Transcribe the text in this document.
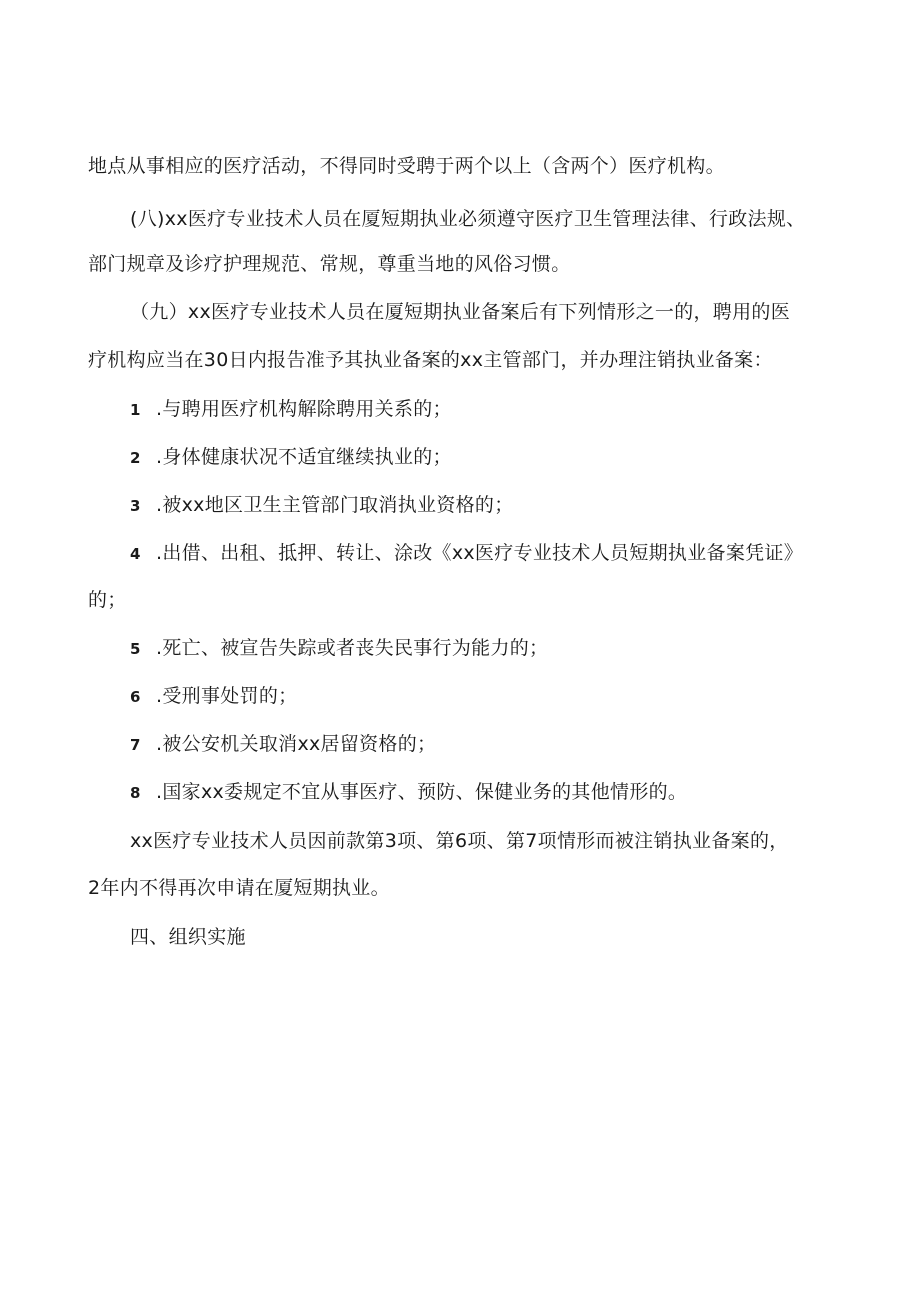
地点从事相应的医疗活动，不得同时受聘于两个以上（含两个）医疗机构。
(八)xx医疗专业技术人员在厦短期执业必须遵守医疗卫生管理法律、行政法规、
部门规章及诊疗护理规范、常规，尊重当地的风俗习惯。
（九）xx医疗专业技术人员在厦短期执业备案后有下列情形之一的，聘用的医
疗机构应当在30日内报告准予其执业备案的xx主管部门，并办理注销执业备案：
1 .与聘用医疗机构解除聘用关系的；
2 .身体健康状况不适宜继续执业的；
3 .被xx地区卫生主管部门取消执业资格的；
4 .出借、出租、抵押、转让、涂改《xx医疗专业技术人员短期执业备案凭证》
的；
5 .死亡、被宣告失踪或者丧失民事行为能力的；
6 .受刑事处罚的；
7 .被公安机关取消xx居留资格的；
8 .国家xx委规定不宜从事医疗、预防、保健业务的其他情形的。
xx医疗专业技术人员因前款第3项、第6项、第7项情形而被注销执业备案的，
2年内不得再次申请在厦短期执业。
四、组织实施
